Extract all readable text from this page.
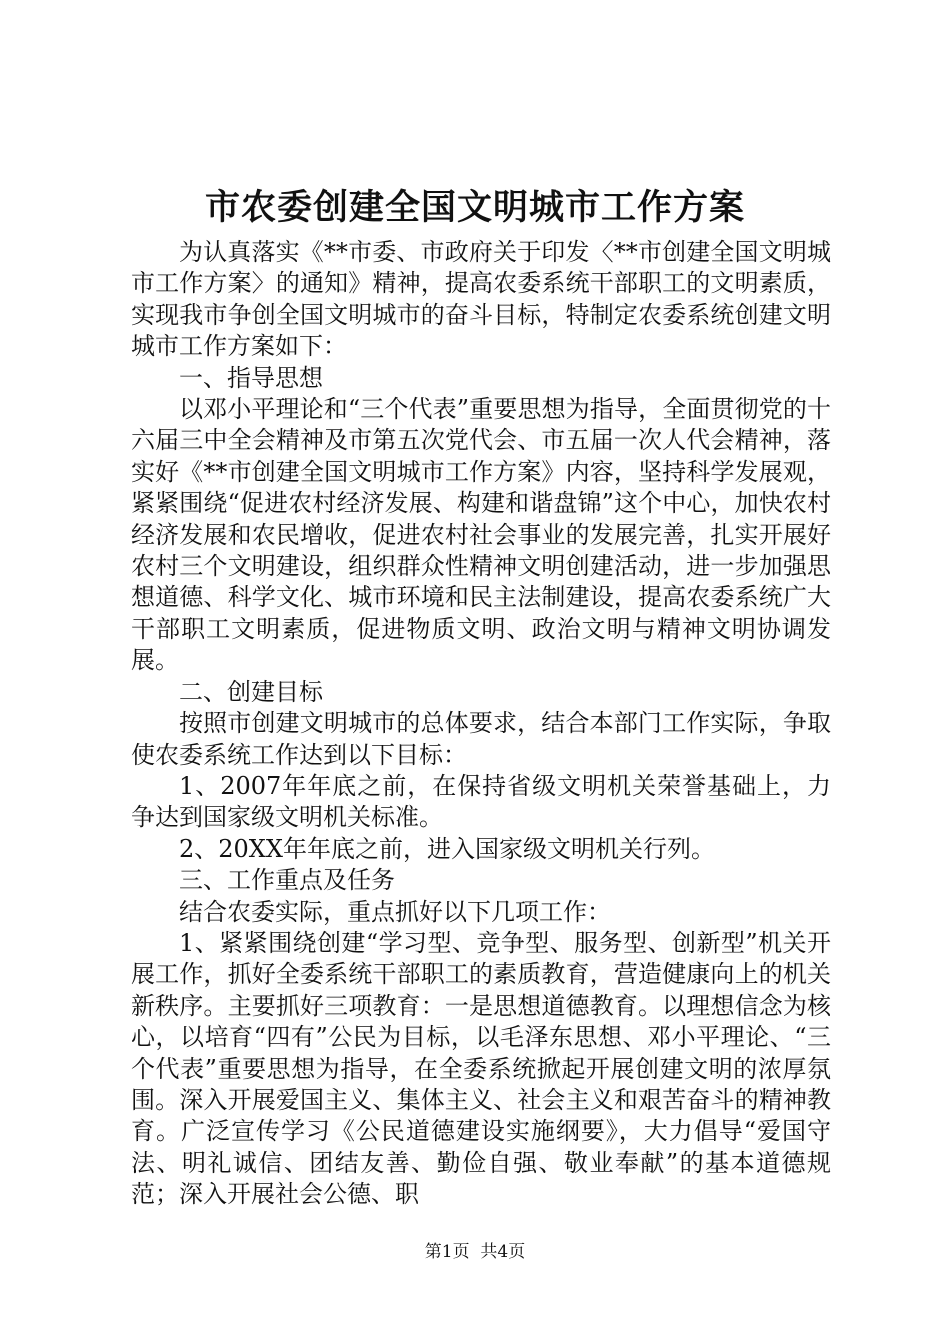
市农委创建全国文明城市工作方案

为认真落实《**市委、市政府关于印发〈**市创建全国文明城市工作方案〉的通知》精神，提高农委系统干部职工的文明素质，实现我市争创全国文明城市的奋斗目标，特制定农委系统创建文明城市工作方案如下：

一、指导思想

以邓小平理论和“三个代表”重要思想为指导，全面贯彻党的十六届三中全会精神及市第五次党代会、市五届一次人代会精神，落实好《**市创建全国文明城市工作方案》内容，坚持科学发展观，紧紧围绕“促进农村经济发展、构建和谐盘锦”这个中心，加快农村经济发展和农民增收，促进农村社会事业的发展完善，扎实开展好农村三个文明建设，组织群众性精神文明创建活动，进一步加强思想道德、科学文化、城市环境和民主法制建设，提高农委系统广大干部职工文明素质，促进物质文明、政治文明与精神文明协调发展。

二、创建目标

按照市创建文明城市的总体要求，结合本部门工作实际，争取使农委系统工作达到以下目标：

1、2007年年底之前，在保持省级文明机关荣誉基础上，力争达到国家级文明机关标准。

2、20XX年年底之前，进入国家级文明机关行列。

三、工作重点及任务

结合农委实际，重点抓好以下几项工作：

1、紧紧围绕创建“学习型、竞争型、服务型、创新型”机关开展工作，抓好全委系统干部职工的素质教育，营造健康向上的机关新秩序。主要抓好三项教育：一是思想道德教育。以理想信念为核心，以培育“四有”公民为目标，以毛泽东思想、邓小平理论、“三个代表”重要思想为指导，在全委系统掀起开展创建文明的浓厚氛围。深入开展爱国主义、集体主义、社会主义和艰苦奋斗的精神教育。广泛宣传学习《公民道德建设实施纲要》，大力倡导“爱国守法、明礼诚信、团结友善、勤俭自强、敬业奉献”的基本道德规范；深入开展社会公德、职

第1页  共4页
